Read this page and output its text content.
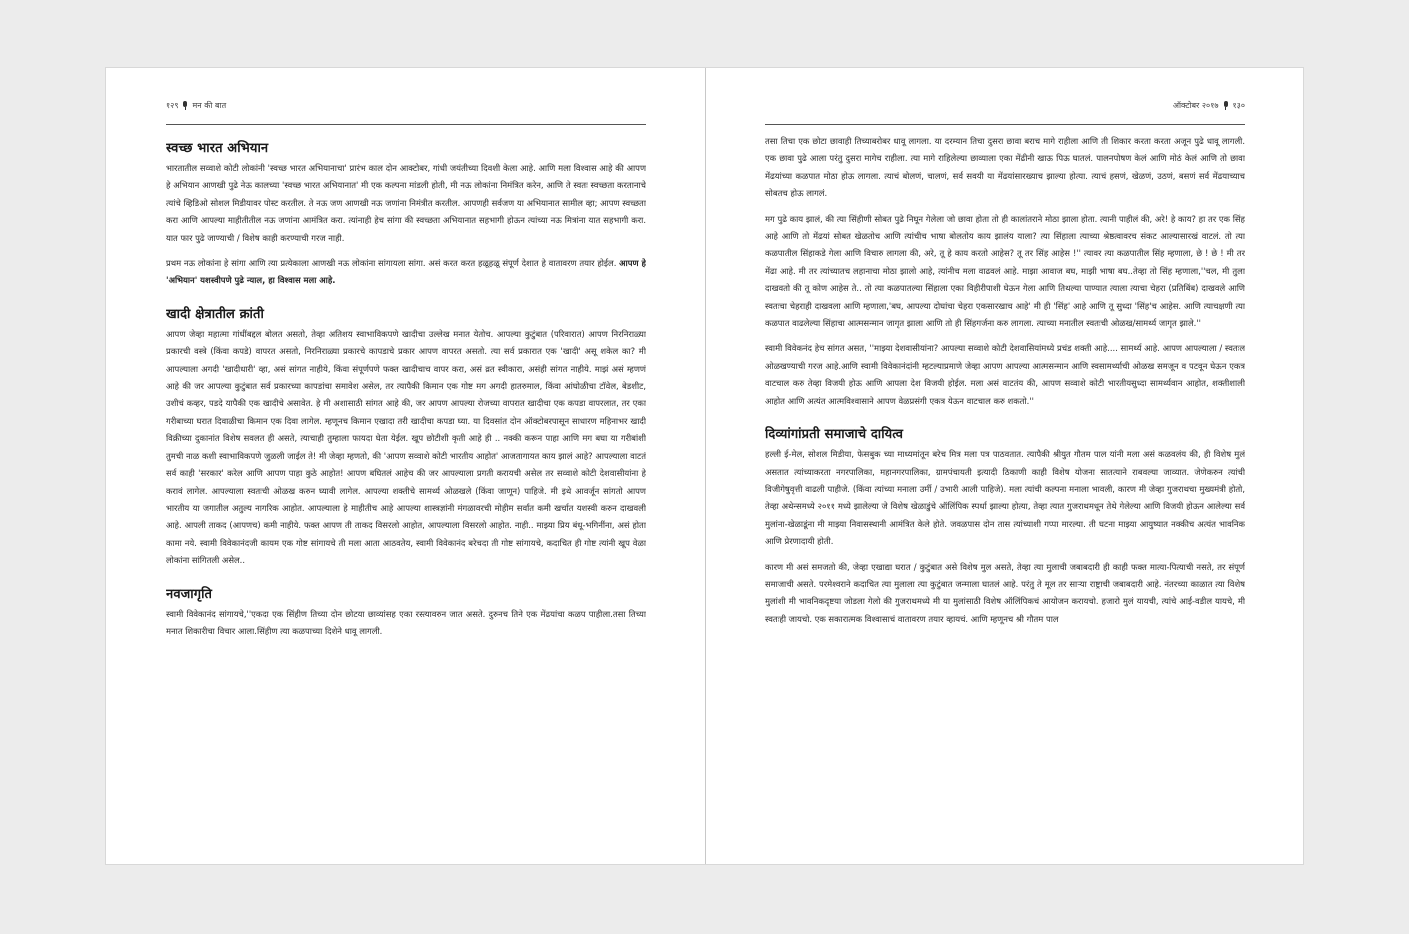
१२९ मन की बात
स्वच्छ भारत अभियान

भारतातील सव्वाशे कोटी लोकांनी 'स्वच्छ भारत अभियानाचा' प्रारंभ काल दोन आक्टोबर, गांधी जयंतीच्या दिवशी केला आहे. आणि मला विश्वास आहे की आपण हे अभियान आणखी पुढे नेऊ कालच्या 'स्वच्छ भारत अभियानात' मी एक कल्पना मांडली होती, मी नऊ लोकांना निमंत्रित करेन, आणि ते स्वतः स्वच्छता करतानाचे त्यांचे व्हिडिओ सोशल मिडीयावर पोस्ट करतील. ते नऊ जण आणखी नऊ जणांना निमंत्रीत करतील. आपणही सर्वजण या अभियानात सामील व्हा; आपण स्वच्छता करा आणि आपल्या माहीतीतील नऊ जणांना आमंत्रित करा. त्यांनाही हेच सांगा की स्वच्छता अभियानात सहभागी होऊन त्यांच्या नऊ मित्रांना यात सहभागी करा. यात फार पुढे जाण्याची / विशेष काही करण्याची गरज नाही.

प्रथम नऊ लोकांना हे सांगा आणि त्या प्रत्येकाला आणखी नऊ लोकांना सांगायला सांगा. असं करत करत हळूहळू संपूर्ण देशात हे वातावरण तयार होईल. आपण हे 'अभियान' यशस्वीपणे पुढे न्याल, हा विश्वास मला आहे.

खादी क्षेत्रातील क्रांती

आपण जेव्हा महात्मा गांधींबद्दल बोलत असतो, तेव्हा अतिशय स्वाभाविकपणे खादीचा उल्लेख मनात येतोच. आपल्या कुटुंबात (परिवारात) आपण निरनिराळ्या प्रकारची वस्त्रे (किंवा कपडे) वापरत असतो, निरनिराळ्या प्रकारचे कापडाचे प्रकार आपण वापरत असतो. त्या सर्व प्रकारात एक 'खादी' असू शकेल का? मी आपल्याला अगदी 'खादीधारी' व्हा, असं सांगत नाहीये, किंवा संपूर्णपणे फक्त खादीचाच वापर करा, असं व्रत स्वीकारा, असंही सांगत नाहीये. माझं असं म्हणणं आहे की जर आपल्या कुटुंबात सर्व प्रकारच्या कापडांचा समावेश असेल, तर त्यापैकी किमान एक गोष्ट मग अगदी हातरुमाल, किंवा आंघोळीचा टॉवेल, बेडशीट, उशीचं कव्हर, पडदे यापैकी एक खादीचे असावेत. हे मी अशासाठी सांगत आहे की, जर आपण आपल्या रोजच्या वापरात खादीचा एक कपडा वापरलात, तर एका गरीबाच्या घरात दिवाळीचा किमान एक दिवा लागेल. म्हणूनच किमान एखादा तरी खादीचा कपडा घ्या. या दिवसांत दोन ऑक्टोबरपासून साधारण महिनाभर खादी विक्रीच्या दुकानांत विशेष सवलत ही असते, त्याचाही तुम्हाला फायदा घेता येईल. खूप छोटीशी कृती आहे ही .. नक्की करून पाहा आणि मग बघा या गरीबांशी तुमची नाळ कशी स्वाभाविकपणे जुळली जाईल ते! मी जेव्हा म्हणतो, की 'आपण सव्वाशे कोटी भारतीय आहोत' आजतागायत काय झालं आहे? आपल्याला वाटतं सर्व काही 'सरकार' करेल आणि आपण पाहा कुठे आहोत! आपण बघितलं आहेच की जर आपल्याला प्रगती करायची असेल तर सव्वाशे कोटी देशवासीयांना हे करावं लागेल. आपल्याला स्वतःची ओळख करुन घ्यावी लागेल. आपल्या शक्तीचे सामर्थ्य ओळखले (किंवा जाणून) पाहिजे. मी इथे आवर्जून सांगतो आपण भारतीय या जगातील अतुल्य नागरिक आहोत. आपल्याला हे माहीतीच आहे आपल्या शास्त्रज्ञांनी मंगळावरची मोहीम सर्वांत कमी खर्चात यशस्वी करुन दाखवली आहे. आपली ताकद (आपणच) कमी नाहीये. फक्त आपण ती ताकद विसरलो आहोत, आपल्याला विसरलो आहोत. नाही.. माझ्या प्रिय बंधू-भगिनींना, असं होता कामा नये. स्वामी विवेकानंदजी कायम एक गोष्ट सांगायचे ती मला आता आठवतेय, स्वामी विवेकानंद बरेचदा ती गोष्ट सांगायचे, कदाचित ही गोष्ट त्यांनी खूप वेळा लोकांना सांगितली असेल..

नवजागृति

स्वामी विवेकानंद सांगायचे,''एकदा एक सिंहीण तिच्या दोन छोटया छाव्यांसह एका रस्त्यावरुन जात असते. दुरुनच तिने एक मेंढयांचा कळप पाहीला.तसा तिच्या मनात शिकारीचा विचार आला.सिंहीण त्या कळपाच्या दिशेने धावू लागली.

ऑक्टोबर २०१७ १३०

तसा तिचा एक छोटा छावाही तिच्याबरोबर धावू लागला. या दरम्यान तिचा दुसरा छावा बराच मागे राहीला आणि ती शिकार करता करता अजून पुढे धावू लागली. एक छावा पुढे आला परंतु दुसरा मागेच राहीला. त्या मागे राहिलेल्या छाव्याला एका मेंढीनी खाऊ पिऊ घातलं. पालनपोषण केलं आणि मोठं केलं आणि तो छावा मेंढयांच्या कळपात मोठा होऊ लागला. त्याचं बोलणं, चालणं, सर्व सवयी या मेंढयांसारख्याच झाल्या होत्या. त्याचं हसणं, खेळणं, उठणं, बसणं सर्व मेंढयाच्याच सोबतच होऊ लागलं.

मग पुढे काय झालं, की त्या सिंहीणी सोबत पुढे निघून गेलेला जो छावा होता तो ही कालांतराने मोठा झाला होता. त्यानी पाहीलं की, अरे! हे काय? हा तर एक सिंह आहे आणि तो मेंढयां सोबत खेळतोच आणि त्यांचीच भाषा बोलतोय काय झालंय याला? त्या सिंहाला त्याच्या श्रेष्ठत्वावरच संकट आल्यासारखं वाटलं. तो त्या कळपातील सिंहाकडे गेला आणि विचारु लागला की, अरे, तू हे काय करतो आहेस? तू तर सिंह आहेस !'' त्यावर त्या कळपातील सिंह म्हणाला, छे ! छे ! मी तर मेंढा आहे. मी तर त्यांच्यातच लहानाचा मोठा झालो आहे, त्यांनीच मला वाढवलं आहे. माझा आवाज बघ, माझी भाषा बघ..तेव्हा तो सिंह म्हणाला,''चल, मी तुला दाखवतो की तू कोण आहेस ते.. तो त्या कळपातल्या सिंहाला एका विहीरीपाशी घेऊन गेला आणि तिथल्या पाण्यात त्याला त्याचा चेहरा (प्रतिबिंब) दाखवले आणि स्वतःचा चेहराही दाखवला आणि म्हणाला,'बघ, आपल्या दोघांचा चेहरा एकसारखाच आहे' मी ही 'सिंह' आहे आणि तू सुध्दा 'सिंह'च आहेस. आणि त्याचक्षणी त्या कळपात वाढलेल्या सिंहाचा आत्मसन्मान जागृत झाला आणि तो ही सिंहगर्जना करु लागला. त्याच्या मनातील स्वतःची ओळख/सामर्थ्य जागृत झाले.''

स्वामी विवेकनंद हेच सांगत असत, ''माझ्या देशवासीयांना? आपल्या सव्वाशे कोटी देशवासियांमध्ये प्रचंड शक्ती आहे.... सामर्थ्य आहे. आपण आपल्याला / स्वतःल ओळखण्याची गरज आहे.आणि स्वामी विवेकानंदांनी म्हटल्याप्रमाणे जेव्हा आपण आपल्या आत्मसन्मान आणि स्वसामर्थ्याची ओळख समजून व पटवून घेऊन एकत्र वाटचाल करु तेव्हा विजयी होऊ आणि आपला देश विजयी होईल. मला असं वाटतंय की, आपण सव्वाशे कोटी भारतीयसुध्दा सामर्थ्यवान आहोत, शक्तीशाली आहोत आणि अत्यंत आत्मविश्वासाने आपण वेळप्रसंगी एकत्र येऊन वाटचाल करु शकतो.''

दिव्यांगांप्रती समाजाचे दायित्व

हल्ली ई-मेल, सोशल मिडीया, फेसबुक च्या माध्यमांतून बरेच मित्र मला पत्र पाठवतात. त्यापैकी श्रीयुत गौतम पाल यांनी मला असं कळवलंय की, ही विशेष मुलं असतात त्यांच्याकरता नगरपालिका, महानगरपालिका, ग्रामपंचायती इत्यादी ठिकाणी काही विशेष योजना सातत्याने राबवल्या जाव्यात. जेणेकरुन त्यांची विजीगेषुवृत्ती वाढली पाहीजे. (किंवा त्यांच्या मनाला उर्मी / उभारी आली पाहिजे). मला त्यांची कल्पना मनाला भावली, कारण मी जेव्हा गुजराथचा मुख्यमंत्री होतो, तेव्हा अथेन्समध्ये २०११ मध्ये झालेल्या जे विशेष खेळाडुंचे ऑलिंपिक स्पर्धा झाल्या होत्या, तेव्हा त्यात गुजराथमधून तेथे गेलेल्या आणि विजयी होऊन आलेल्या सर्व मुलांना-खेळाडूंना मी माझ्या निवासस्थानी आमंत्रित केले होते. जवळपास दोन तास त्यांच्याशी गप्पा मारल्या. ती घटना माझ्या आयुष्यात नक्कीच अत्यंत भावनिक आणि प्रेरणादायी होती.

कारण मी असं समजतो की, जेव्हा एखाद्या घरात / कुटुंबात असे विशेष मुल असते, तेव्हा त्या मुलाची जबाबदारी ही काही फक्त मात्या-पित्याची नसते, तर संपूर्ण समाजाची असते. परमेश्वराने कदाचित त्या मुलाला त्या कुटुंबात जन्माला घातलं आहे. परंतु ते मूल तर साऱ्या राष्ट्राची जबाबदारी आहे. नंतरच्या काळात त्या विशेष मुलांशी मी भावनिकदृष्टया जोडला गेलो की गुजराथमध्ये मी या मुलांसाठी विशेष ऑलिंपिकचं आयोजन करायचो. हजारो मुलं यायची, त्यांचे आई-वडील यायचे, मी स्वतःही जायचो. एक सकारात्मक विश्वासाचं वातावरण तयार व्हायचं. आणि म्हणूनच श्री गौतम पाल
